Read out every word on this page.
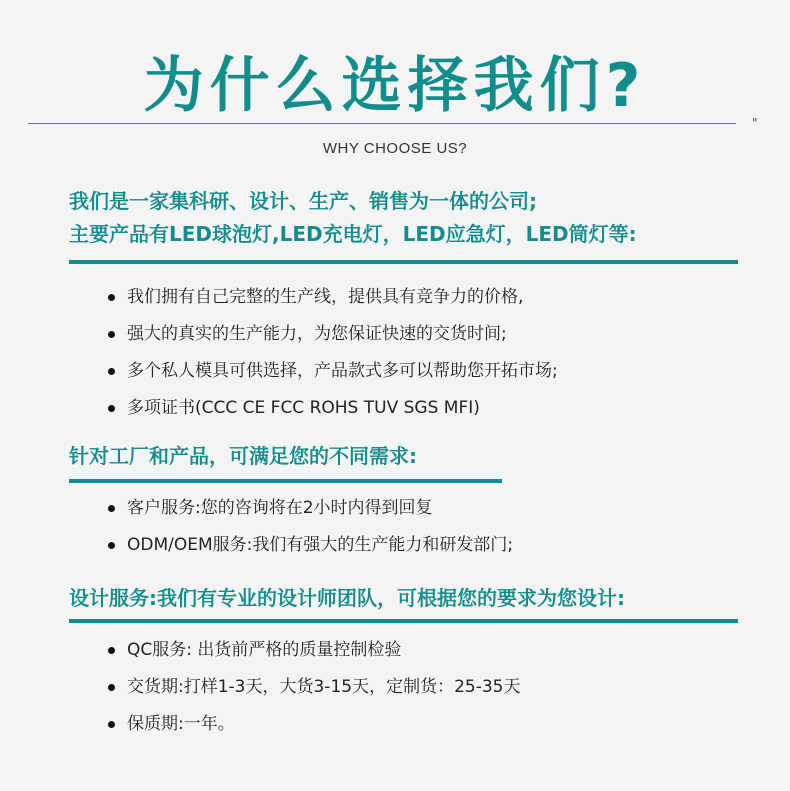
为什么选择我们?
"
WHY CHOOSE US?
我们是一家集科研、设计、生产、销售为一体的公司;
主要产品有LED球泡灯,LED充电灯，LED应急灯，LED筒灯等:
我们拥有自己完整的生产线，提供具有竞争力的价格,
强大的真实的生产能力，为您保证快速的交货时间;
多个私人模具可供选择，产品款式多可以帮助您开拓市场;
多项证书(CCC CE FCC ROHS TUV SGS MFI)
针对工厂和产品，可满足您的不同需求:
客户服务:您的咨询将在2小时内得到回复
ODM/OEM服务:我们有强大的生产能力和研发部门;
设计服务:我们有专业的设计师团队，可根据您的要求为您设计:
QC服务: 出货前严格的质量控制检验
交货期:打样1-3天，大货3-15天，定制货：25-35天
保质期:一年。
